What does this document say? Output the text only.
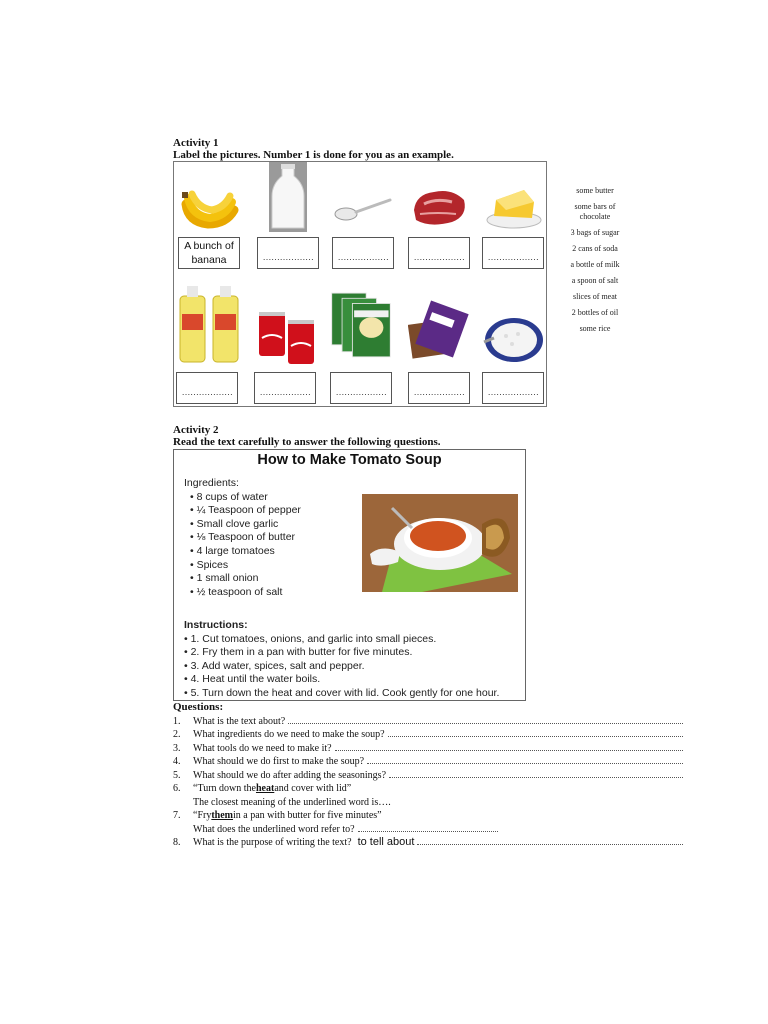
Activity 1
Label the pictures. Number 1 is done for you as an example.
A bunch of banana	………………	………………	………………	………………
………………	………………	………………	………………	………………
some butter
some bars of chocolate
3 bags of sugar
2 cans of soda
a bottle of milk
a spoon of salt
slices of meat
2 bottles of oil
some rice
Activity 2
Read the text carefully to answer the following questions.
How to Make Tomato Soup
Ingredients:
• 8 cups of water
• ¼ Teaspoon of pepper
• Small clove garlic
• ⅛ Teaspoon of butter
• 4 large tomatoes
• Spices
• 1 small onion
• ½ teaspoon of salt
Instructions:
• 1. Cut tomatoes, onions, and garlic into small pieces.
• 2. Fry them in a pan with butter for five minutes.
• 3. Add water, spices, salt and pepper.
• 4. Heat until the water boils.
• 5. Turn down the heat and cover with lid. Cook gently for one hour.
Questions:
1.	What is the text about?
2.	What ingredients do we need to make the soup?
3.	What tools do we need to make it?
4.	What should we do first to make the soup?
5.	What should we do after adding the seasonings?
6.	“Turn down the heat and cover with lid”
The closest meaning of the underlined word is….
7.	“Fry them in a pan with butter for five minutes”
What does the underlined word refer to?
8.	What is the purpose of writing the text? to tell about
